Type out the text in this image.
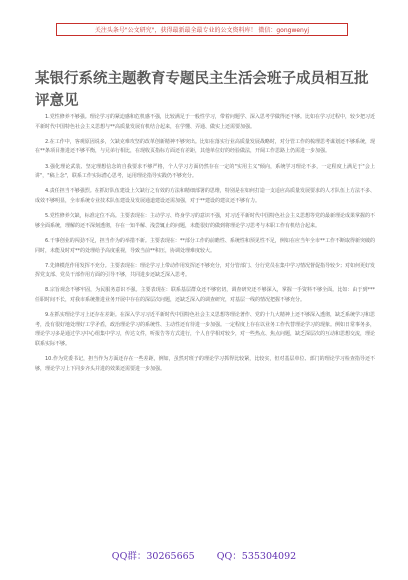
关注头条号"公文研究"，获得最新最全最专业的公文资料库！ 微信：gongwenyj
某银行系统主题教育专题民主生活会班子成员相互批评意见

1.党性修养不够强。理论学习的紧迫感和危机感不强，比较满足于一般性学习，带着问题学、深入思考学做得还不够。比如在学习过程中，较少把习近平新时代中国特色社会主义思想与**高质量发展有机结合起来，在学懂、弄通、做实上还需要加强。

2.在工作中，客观原因说多，欠缺克难攻坚的改革创新精神不够突出。比如在落实行业高质量发展战略时，对分管工作的梳理思考谋划还不够系统，现在**条项目推进还不够平衡，与兄弟行相比，在现收页指标方面还有差距，其他单位好的经验做法，开阔工作思路上仍需进一步加强。

3.强化理论武装、坚定理想信念的自我要求不够严格，个人学习方面仍然存在一定的"实用主义"倾向，系统学习理论不多，一定程度上满足于"会上讲"，"稿上念"，联系工作实际潜心思考，运用理论指导实践仍不够充分。

4.责任担当不够强烈。在抓好队伍建设上欠缺行之有效的方法和精细部署的思维，特别是在如何打造一支适应高质量发展要求的人才队伍上方法不多、成效不够明显，全市系统专业技术队伍建设及发展通道建设还需加强，对于**建设的建议还不够有力。

5.党性修养欠缺，标准定位不高。主要表现在：主动学习、终身学习的意识不强，对习近平新时代中国特色社会主义思想等党的最新理论成果掌握的不够全面系统，理解的还不深刻透彻，存在一知半解、浅尝辄止的问题，未能很好的做到将理论学习思考与本职工作有机结合起来。

6.干事创业的闯劲不足，担当作为的举措不新。主要表现在：**部分工作的前瞻性、系统性和预见性不足，例如在应当年全市**工作不断取得新突破的同时，未能及时对**的处理给予高度重视，导致当前**积压，协调处理难度较大。

7.先锋模范作用发挥不充分。主要表现在：理论学习上带动作用发挥还不够充分，对分管部门、分行党员在集中学习情况督促指导较少；对如何更好发挥党支部、党员干部作用方面的引导不够，共同进步还缺乏深入思考。

8.宗旨观念不够牢固，为民服务意识不强。主要表现在：联系基层群众还不够密切，调查研究还不够深入，掌握一手资料不够全面。比如：由于到***任职时间不长，对我市系统推进业务开展中存在的深层次问题，还缺乏深入的调查研究，对基层一线的情况把握不够充分。

9.在抓实理论学习上还存在差距。在深入学习习近平新时代中国特色社会主义思想等理论著作、党的十九大精神上还不够深入透彻，缺乏系统学习和思考，没有很好地处理好工学矛盾，政治理论学习的系统性、主动性还有待进一步加强。一定程度上存在以业务工作代替理论学习的现象。例如日常事务多，理论学习多是通过学习中心组集中学习，传达文件，听报告等方式进行，个人自学相对较少，对一些热点、焦点问题，缺乏深层次的互动和思想交流，理论联系实际不够。

10.作为党委书记，担当作为方面还存在一些差距，例如，虽然对班子的理论学习抓得比较紧，比较实，但对基层单位、部门的理论学习检查指导还不够，理论学习上下同步齐头并进的效果还需要进一步加强。

QQ群：30265665 QQ：535304092
